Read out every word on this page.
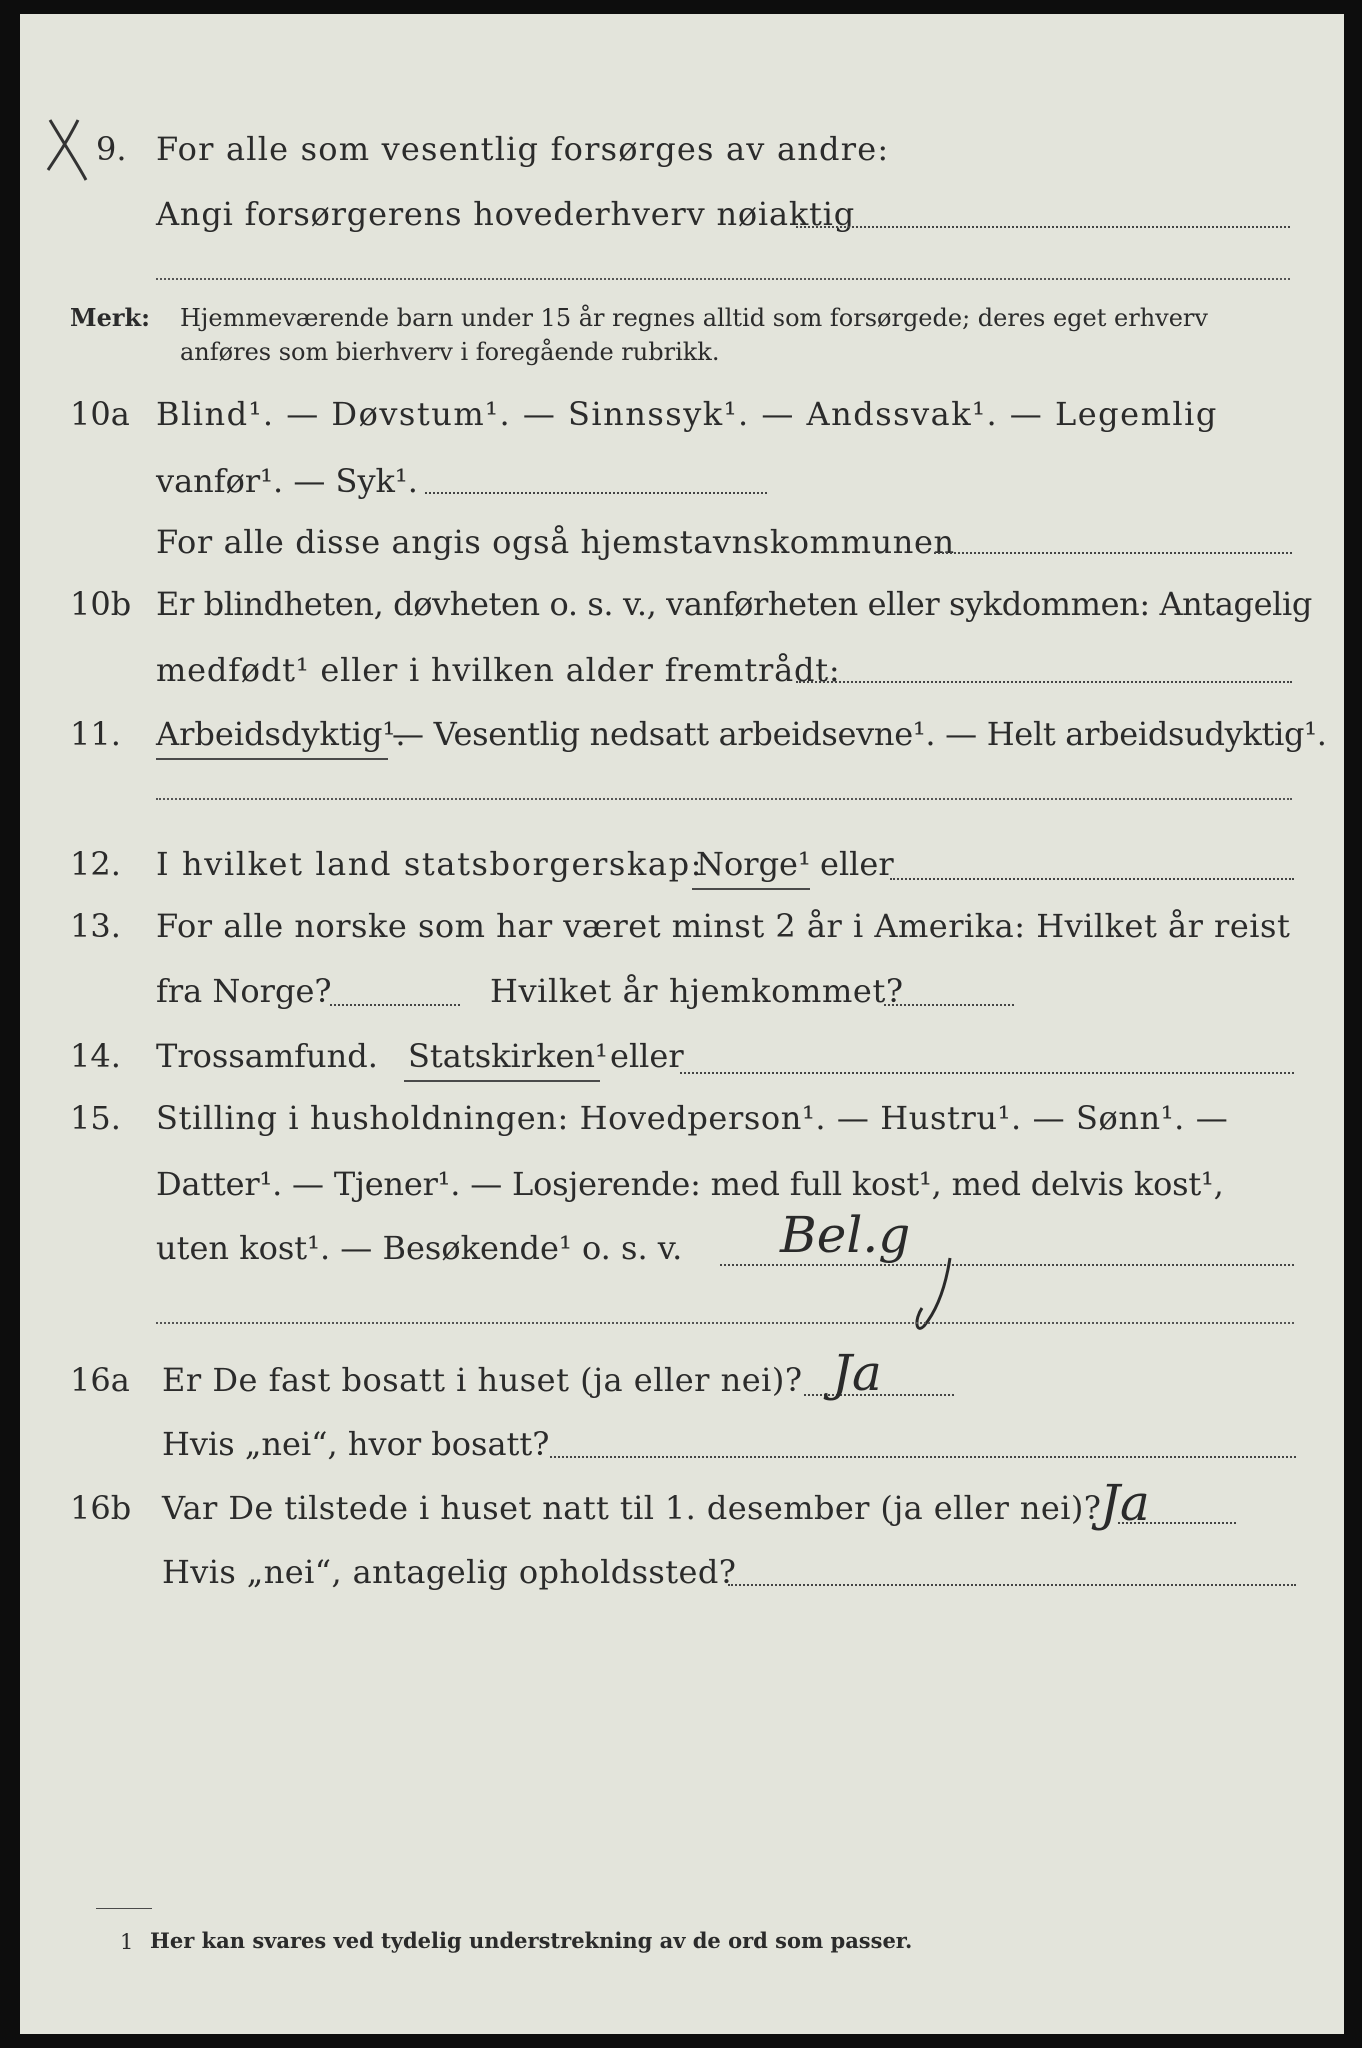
9. For alle som vesentlig forsørges av andre:
Angi forsørgerens hovederhverv nøiaktig
Merk: Hjemmeværende barn under 15 år regnes alltid som forsørgede; deres eget erhverv
anføres som bierhverv i foregående rubrikk.
10a Blind¹. — Døvstum¹. — Sinnssyk¹. — Andssvak¹. — Legemlig
vanfør¹. — Syk¹.
For alle disse angis også hjemstavnskommunen
10b Er blindheten, døvheten o. s. v., vanførheten eller sykdommen: Antagelig
medfødt¹ eller i hvilken alder fremtrådt:
11. Arbeidsdyktig¹.
— Vesentlig nedsatt arbeidsevne¹. — Helt arbeidsudyktig¹.
12. I hvilket land statsborgerskap:
Norge¹ eller
13. For alle norske som har været minst 2 år i Amerika: Hvilket år reist
fra Norge?	Hvilket år hjemkommet?
14. Trossamfund. Statskirken¹ eller
15. Stilling i husholdningen: Hovedperson¹. — Hustru¹. — Sønn¹. —
Datter¹. — Tjener¹. — Losjerende: med full kost¹, med delvis kost¹,
uten kost¹. — Besøkende¹ o. s. v. Bel.g
16a Er De fast bosatt i huset (ja eller nei)? Ja
Hvis „nei“, hvor bosatt?
16b Var De tilstede i huset natt til 1. desember (ja eller nei)?
Ja
Hvis „nei“, antagelig opholdssted?
1 Her kan svares ved tydelig understrekning av de ord som passer.
